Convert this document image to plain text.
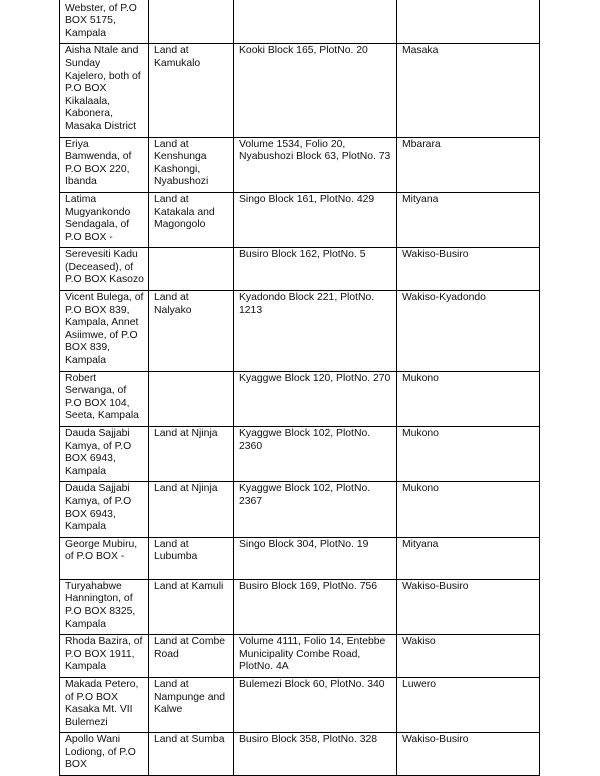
Webster, of P.O BOX 5175, Kampala			
Aisha Ntale and Sunday Kajelero, both of P.O BOX Kikalaala, Kabonera, Masaka District	Land at Kamukalo	Kooki Block 165, PlotNo. 20	Masaka
Eriya Bamwenda, of P.O BOX 220, Ibanda	Land at Kenshunga Kashongi, Nyabushozi	Volume 1534, Folio 20, Nyabushozi Block 63, PlotNo. 73	Mbarara
Latima Mugyankondo Sendagala, of P.O BOX -	Land at Katakala and Magongolo	Singo Block 161, PlotNo. 429	Mityana
Serevesiti Kadu (Deceased), of P.O BOX Kasozo		Busiro Block 162, PlotNo. 5	Wakiso-Busiro
Vicent Bulega, of P.O BOX 839, Kampala, Annet Asiimwe, of P.O BOX 839, Kampala	Land at Nalyako	Kyadondo Block 221, PlotNo. 1213	Wakiso-Kyadondo
Robert Serwanga, of P.O BOX 104, Seeta, Kampala		Kyaggwe Block 120, PlotNo. 270	Mukono
Dauda Sajjabi Kamya, of P.O BOX 6943, Kampala	Land at Njinja	Kyaggwe Block 102, PlotNo. 2360	Mukono
Dauda Sajjabi Kamya, of P.O BOX 6943, Kampala	Land at Njinja	Kyaggwe Block 102, PlotNo. 2367	Mukono
George Mubiru, of P.O BOX -	Land at Lubumba	Singo Block 304, PlotNo. 19	Mityana
Turyahabwe Hannington, of P.O BOX 8325, Kampala	Land at Kamuli	Busiro Block 169, PlotNo. 756	Wakiso-Busiro
Rhoda Bazira, of P.O BOX 1911, Kampala	Land at Combe Road	Volume 4111, Folio 14, Entebbe Municipality Combe Road, PlotNo. 4A	Wakiso
Makada Petero, of P.O BOX Kasaka Mt. VII Bulemezi	Land at Nampunge and Kalwe	Bulemezi Block 60, PlotNo. 340	Luwero
Apollo Wani Lodiong, of P.O BOX	Land at Sumba	Busiro Block 358, PlotNo. 328	Wakiso-Busiro
